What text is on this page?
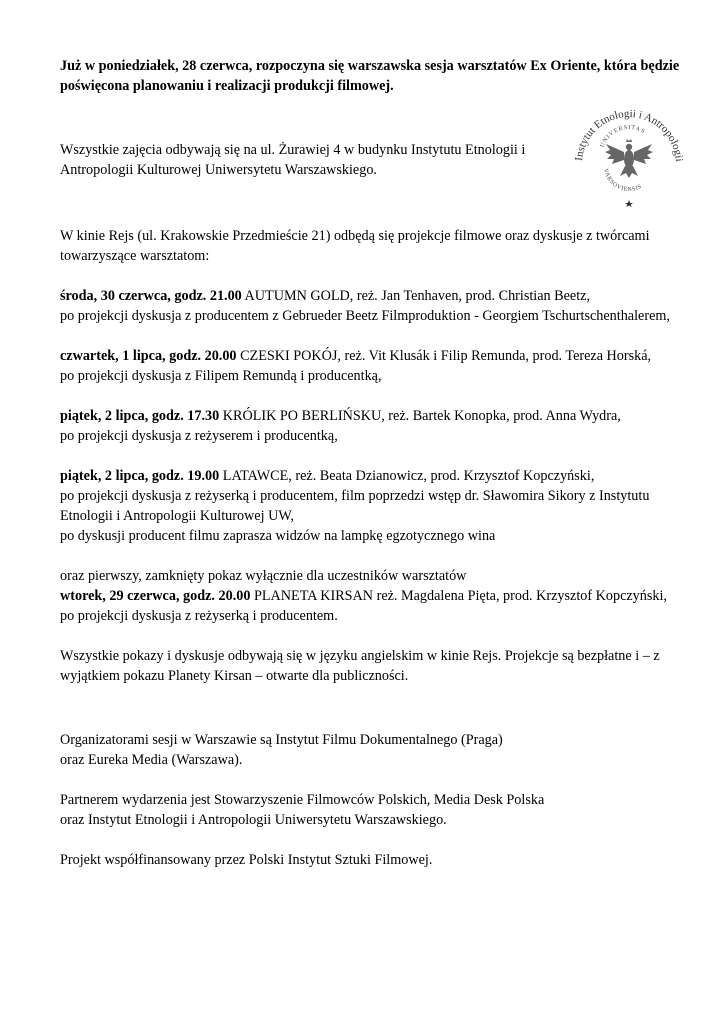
Instytut Etnologii i Antropologii
UNIVERSITAS
VARSOVIENSIS

Już w poniedziałek, 28 czerwca, rozpoczyna się warszawska sesja warsztatów Ex Oriente, która będzie poświęcona planowaniu i realizacji produkcji filmowej.

Wszystkie zajęcia odbywają się na ul. Żurawiej 4 w budynku Instytutu Etnologii i Antropologii Kulturowej Uniwersytetu Warszawskiego.

W kinie Rejs (ul. Krakowskie Przedmieście 21) odbędą się projekcje filmowe oraz dyskusje z twórcami towarzyszące warsztatom:

środa, 30 czerwca, godz. 21.00 AUTUMN GOLD, reż. Jan Tenhaven, prod. Christian Beetz,

po projekcji dyskusja z producentem z Gebrueder Beetz Filmproduktion - Georgiem Tschurtschenthalerem,

czwartek, 1 lipca, godz. 20.00 CZESKI POKÓJ, reż. Vit Klusák i Filip Remunda, prod. Tereza Horská,

po projekcji dyskusja z Filipem Remundą i producentką,

piątek, 2 lipca, godz. 17.30 KRÓLIK PO BERLIŃSKU, reż. Bartek Konopka, prod. Anna Wydra,

po projekcji dyskusja z reżyserem i producentką,

piątek, 2 lipca, godz. 19.00 LATAWCE, reż. Beata Dzianowicz, prod. Krzysztof Kopczyński,

po projekcji dyskusja z reżyserką i producentem, film poprzedzi wstęp dr. Sławomira Sikory z Instytutu Etnologii i Antropologii Kulturowej UW,

po dyskusji producent filmu zaprasza widzów na lampkę egzotycznego wina

oraz pierwszy, zamknięty pokaz wyłącznie dla uczestników warsztatów

wtorek, 29 czerwca, godz. 20.00 PLANETA KIRSAN reż. Magdalena Pięta, prod. Krzysztof Kopczyński,

po projekcji dyskusja z reżyserką i producentem.

Wszystkie pokazy i dyskusje odbywają się w języku angielskim w kinie Rejs. Projekcje są bezpłatne i – z wyjątkiem pokazu Planety Kirsan – otwarte dla publiczności.

Organizatorami sesji w Warszawie są Instytut Filmu Dokumentalnego (Praga)

oraz Eureka Media (Warszawa).

Partnerem wydarzenia jest Stowarzyszenie Filmowców Polskich, Media Desk Polska

oraz Instytut Etnologii i Antropologii Uniwersytetu Warszawskiego.

Projekt współfinansowany przez Polski Instytut Sztuki Filmowej.
